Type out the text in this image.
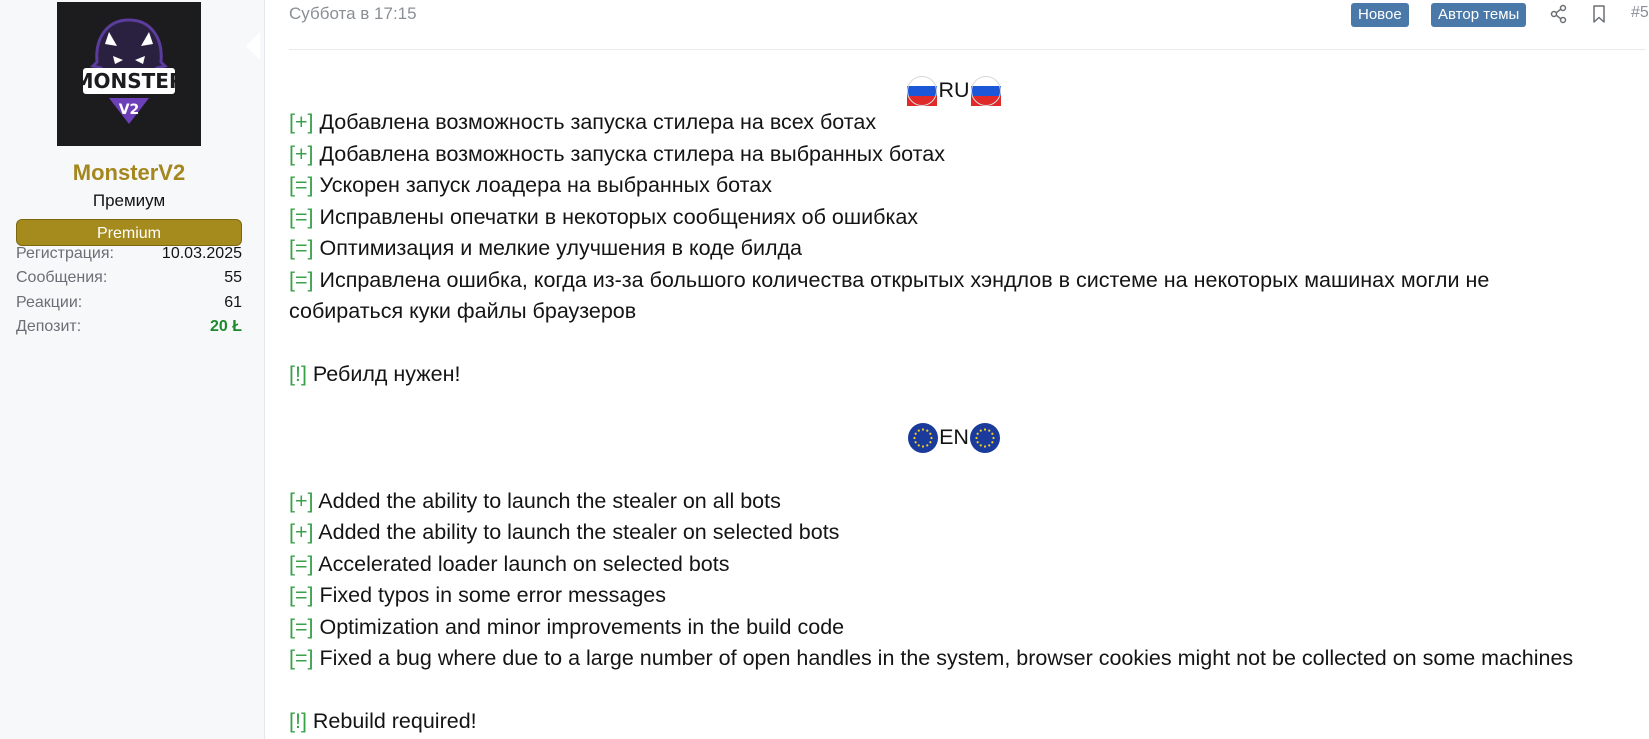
MONSTER
V2
MonsterV2
Премиум
Premium
Регистрация:	10.03.2025
Сообщения:	55
Реакции:	61
Депозит:	20 Ł
Суббота в 17:15	Новое	Автор темы	#5
RU
[+] Добавлена возможность запуска стилера на всех ботах
[+] Добавлена возможность запуска стилера на выбранных ботах
[=] Ускорен запуск лоадера на выбранных ботах
[=] Исправлены опечатки в некоторых сообщениях об ошибках
[=] Оптимизация и мелкие улучшения в коде билда
[=] Исправлена ошибка, когда из-за большого количества открытых хэндлов в системе на некоторых машинах могли не собираться куки файлы браузеров
[!] Ребилд нужен!
EN
[+] Added the ability to launch the stealer on all bots
[+] Added the ability to launch the stealer on selected bots
[=] Accelerated loader launch on selected bots
[=] Fixed typos in some error messages
[=] Optimization and minor improvements in the build code
[=] Fixed a bug where due to a large number of open handles in the system, browser cookies might not be collected on some machines
[!] Rebuild required!
